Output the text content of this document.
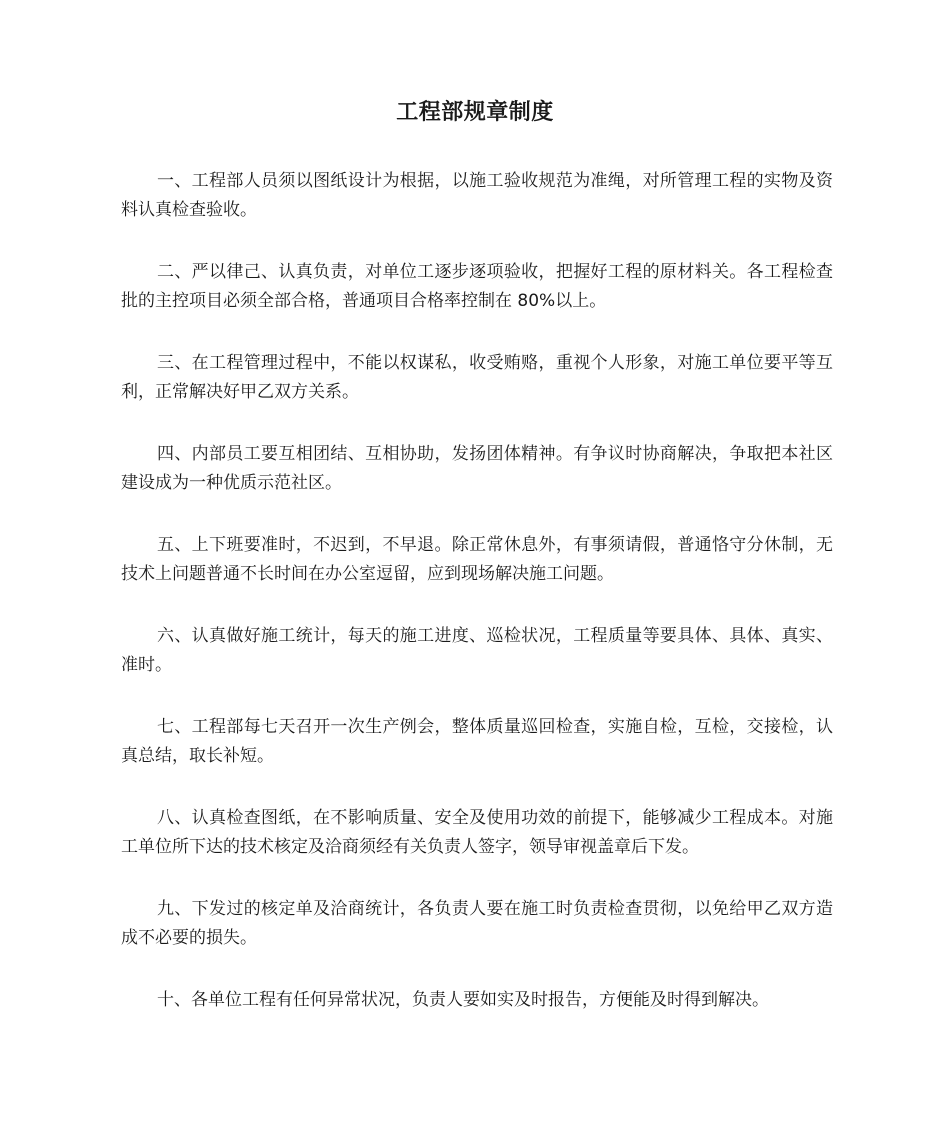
工程部规章制度

一、工程部人员须以图纸设计为根据，以施工验收规范为准绳，对所管理工程的实物及资料认真检查验收。

二、严以律己、认真负责，对单位工逐步逐项验收，把握好工程的原材料关。各工程检查批的主控项目必须全部合格，普通项目合格率控制在 80%以上。

三、在工程管理过程中，不能以权谋私，收受贿赂，重视个人形象，对施工单位要平等互利，正常解决好甲乙双方关系。

四、内部员工要互相团结、互相协助，发扬团体精神。有争议时协商解决，争取把本社区建设成为一种优质示范社区。

五、上下班要准时，不迟到，不早退。除正常休息外，有事须请假，普通恪守分休制，无技术上问题普通不长时间在办公室逗留，应到现场解决施工问题。

六、认真做好施工统计，每天的施工进度、巡检状况，工程质量等要具体、具体、真实、准时。

七、工程部每七天召开一次生产例会，整体质量巡回检查，实施自检，互检，交接检，认真总结，取长补短。

八、认真检查图纸，在不影响质量、安全及使用功效的前提下，能够减少工程成本。对施工单位所下达的技术核定及洽商须经有关负责人签字，领导审视盖章后下发。

九、下发过的核定单及洽商统计，各负责人要在施工时负责检查贯彻，以免给甲乙双方造成不必要的损失。

十、各单位工程有任何异常状况，负责人要如实及时报告，方便能及时得到解决。
